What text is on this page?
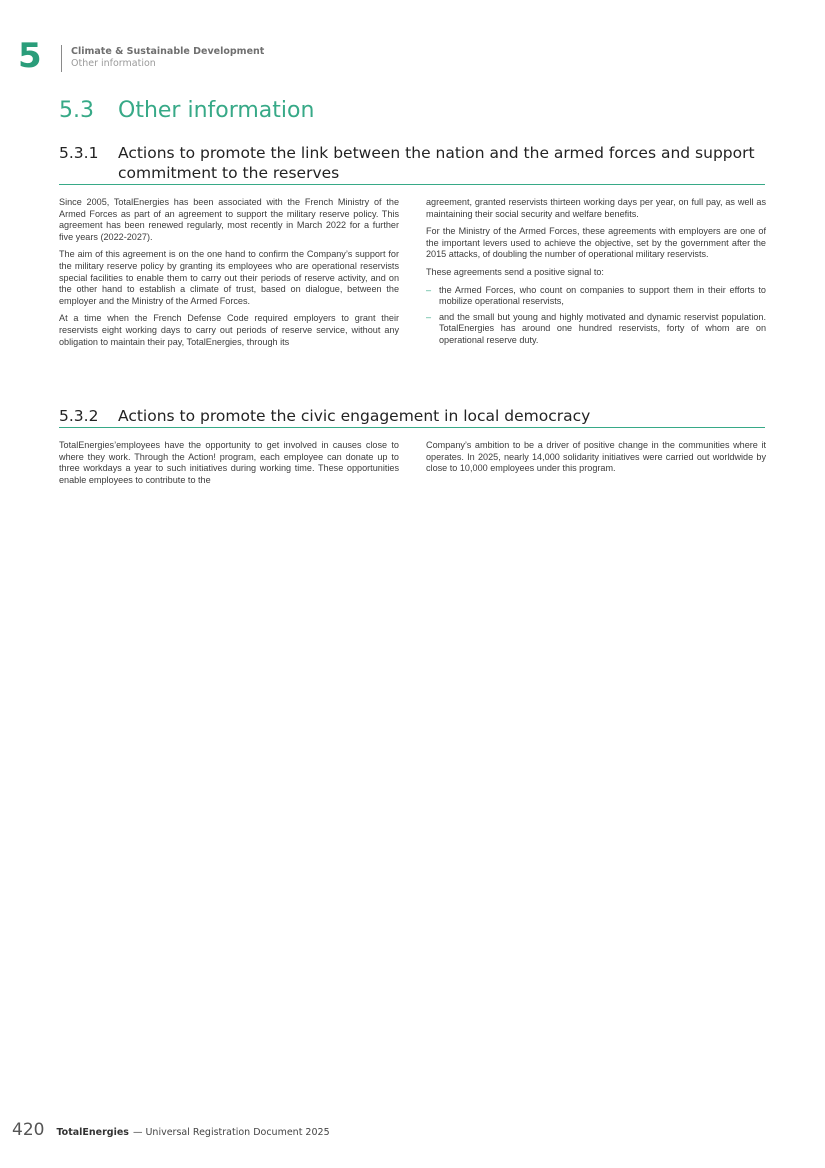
5	Climate & Sustainable Development
Other information
5.3 Other information
5.3.1	Actions to promote the link between the nation and the armed forces and support commitment to the reserves

Since 2005, TotalEnergies has been associated with the French Ministry of the Armed Forces as part of an agreement to support the military reserve policy. This agreement has been renewed regularly, most recently in March 2022 for a further five years (2022-2027).

The aim of this agreement is on the one hand to confirm the Company’s support for the military reserve policy by granting its employees who are operational reservists special facilities to enable them to carry out their periods of reserve activity, and on the other hand to establish a climate of trust, based on dialogue, between the employer and the Ministry of the Armed Forces.

At a time when the French Defense Code required employers to grant their reservists eight working days to carry out periods of reserve service, without any obligation to maintain their pay, TotalEnergies, through its

agreement, granted reservists thirteen working days per year, on full pay, as well as maintaining their social security and welfare benefits.

For the Ministry of the Armed Forces, these agreements with employers are one of the important levers used to achieve the objective, set by the government after the 2015 attacks, of doubling the number of operational military reservists.

These agreements send a positive signal to:

– the Armed Forces, who count on companies to support them in their efforts to mobilize operational reservists,
– and the small but young and highly motivated and dynamic reservist population. TotalEnergies has around one hundred reservists, forty of whom are on operational reserve duty.
5.3.2	Actions to promote the civic engagement in local democracy

TotalEnergies’employees have the opportunity to get involved in causes close to where they work. Through the Action! program, each employee can donate up to three workdays a year to such initiatives during working time. These opportunities enable employees to contribute to the

Company’s ambition to be a driver of positive change in the communities where it operates. In 2025, nearly 14,000 solidarity initiatives were carried out worldwide by close to 10,000 employees under this program.

420 TotalEnergies — Universal Registration Document 2025
